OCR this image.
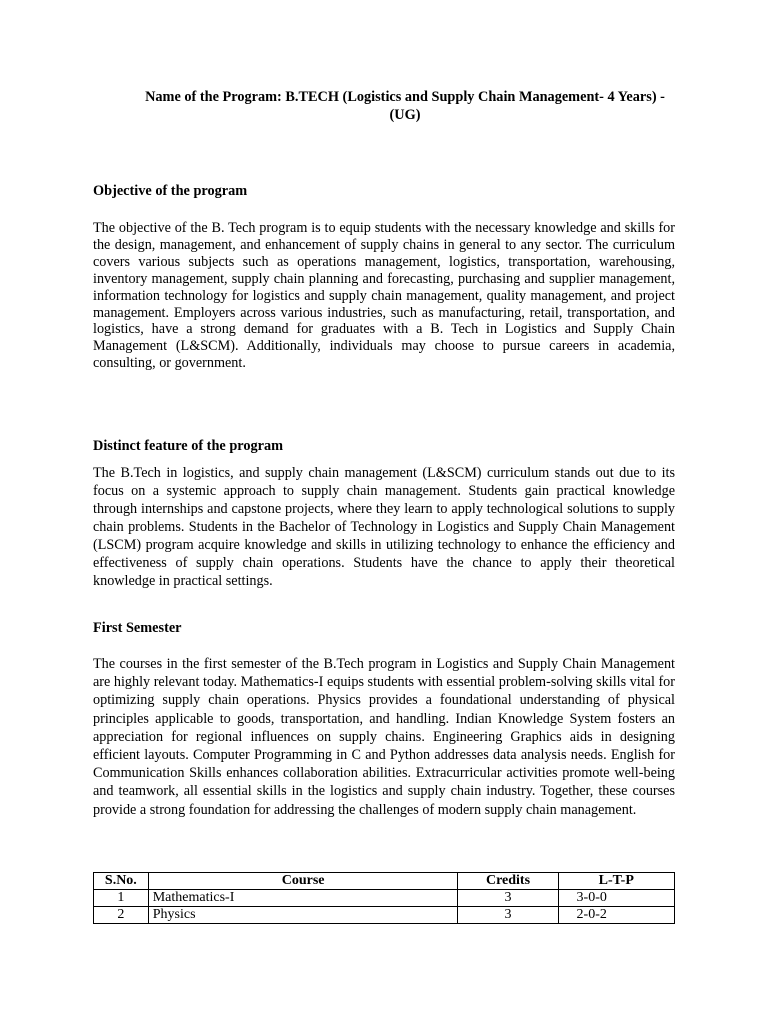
Name of the Program: B.TECH (Logistics and Supply Chain Management- 4 Years) - (UG)
Objective of the program

The objective of the B. Tech program is to equip students with the necessary knowledge and skills for the design, management, and enhancement of supply chains in general to any sector. The curriculum covers various subjects such as operations management, logistics, transportation, warehousing, inventory management, supply chain planning and forecasting, purchasing and supplier management, information technology for logistics and supply chain management, quality management, and project management. Employers across various industries, such as manufacturing, retail, transportation, and logistics, have a strong demand for graduates with a B. Tech in Logistics and Supply Chain Management (L&SCM). Additionally, individuals may choose to pursue careers in academia, consulting, or government.

Distinct feature of the program

The B.Tech in logistics, and supply chain management (L&SCM) curriculum stands out due to its focus on a systemic approach to supply chain management. Students gain practical knowledge through internships and capstone projects, where they learn to apply technological solutions to supply chain problems. Students in the Bachelor of Technology in Logistics and Supply Chain Management (LSCM) program acquire knowledge and skills in utilizing technology to enhance the efficiency and effectiveness of supply chain operations. Students have the chance to apply their theoretical knowledge in practical settings.

First Semester

The courses in the first semester of the B.Tech program in Logistics and Supply Chain Management are highly relevant today. Mathematics-I equips students with essential problem-solving skills vital for optimizing supply chain operations. Physics provides a foundational understanding of physical principles applicable to goods, transportation, and handling. Indian Knowledge System fosters an appreciation for regional influences on supply chains. Engineering Graphics aids in designing efficient layouts. Computer Programming in C and Python addresses data analysis needs. English for Communication Skills enhances collaboration abilities. Extracurricular activities promote well-being and teamwork, all essential skills in the logistics and supply chain industry. Together, these courses provide a strong foundation for addressing the challenges of modern supply chain management.

S.No.	Course	Credits	L-T-P
1	Mathematics-I	3	3-0-0
2	Physics	3	2-0-2
